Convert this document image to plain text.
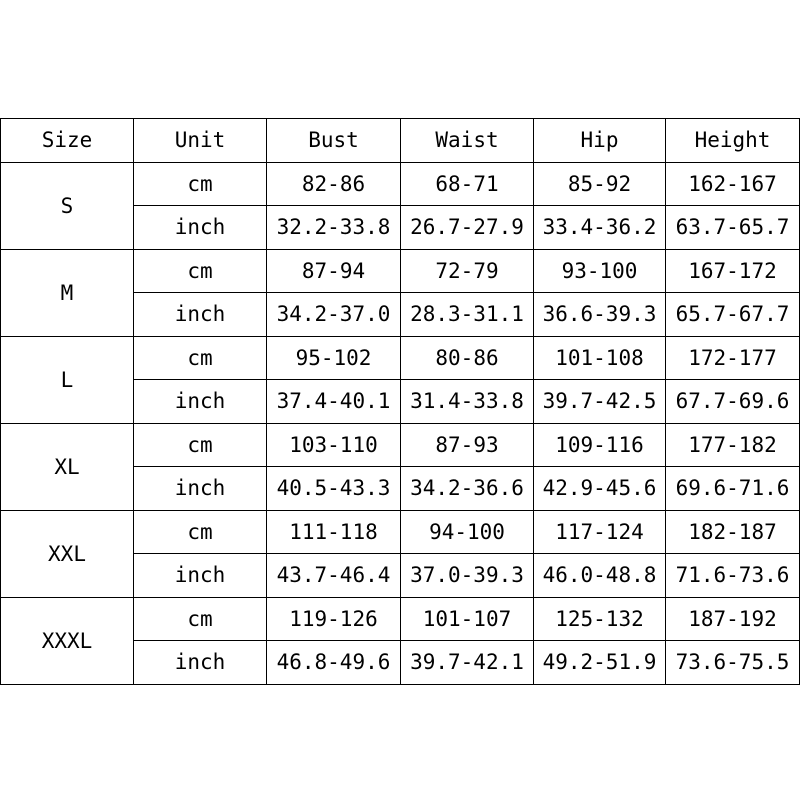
Size	Unit	Bust	Waist	Hip	Height
S	cm	82-86	68-71	85-92	162-167
	inch	32.2-33.8	26.7-27.9	33.4-36.2	63.7-65.7
M	cm	87-94	72-79	93-100	167-172
	inch	34.2-37.0	28.3-31.1	36.6-39.3	65.7-67.7
L	cm	95-102	80-86	101-108	172-177
	inch	37.4-40.1	31.4-33.8	39.7-42.5	67.7-69.6
XL	cm	103-110	87-93	109-116	177-182
	inch	40.5-43.3	34.2-36.6	42.9-45.6	69.6-71.6
XXL	cm	111-118	94-100	117-124	182-187
	inch	43.7-46.4	37.0-39.3	46.0-48.8	71.6-73.6
XXXL	cm	119-126	101-107	125-132	187-192
	inch	46.8-49.6	39.7-42.1	49.2-51.9	73.6-75.5
